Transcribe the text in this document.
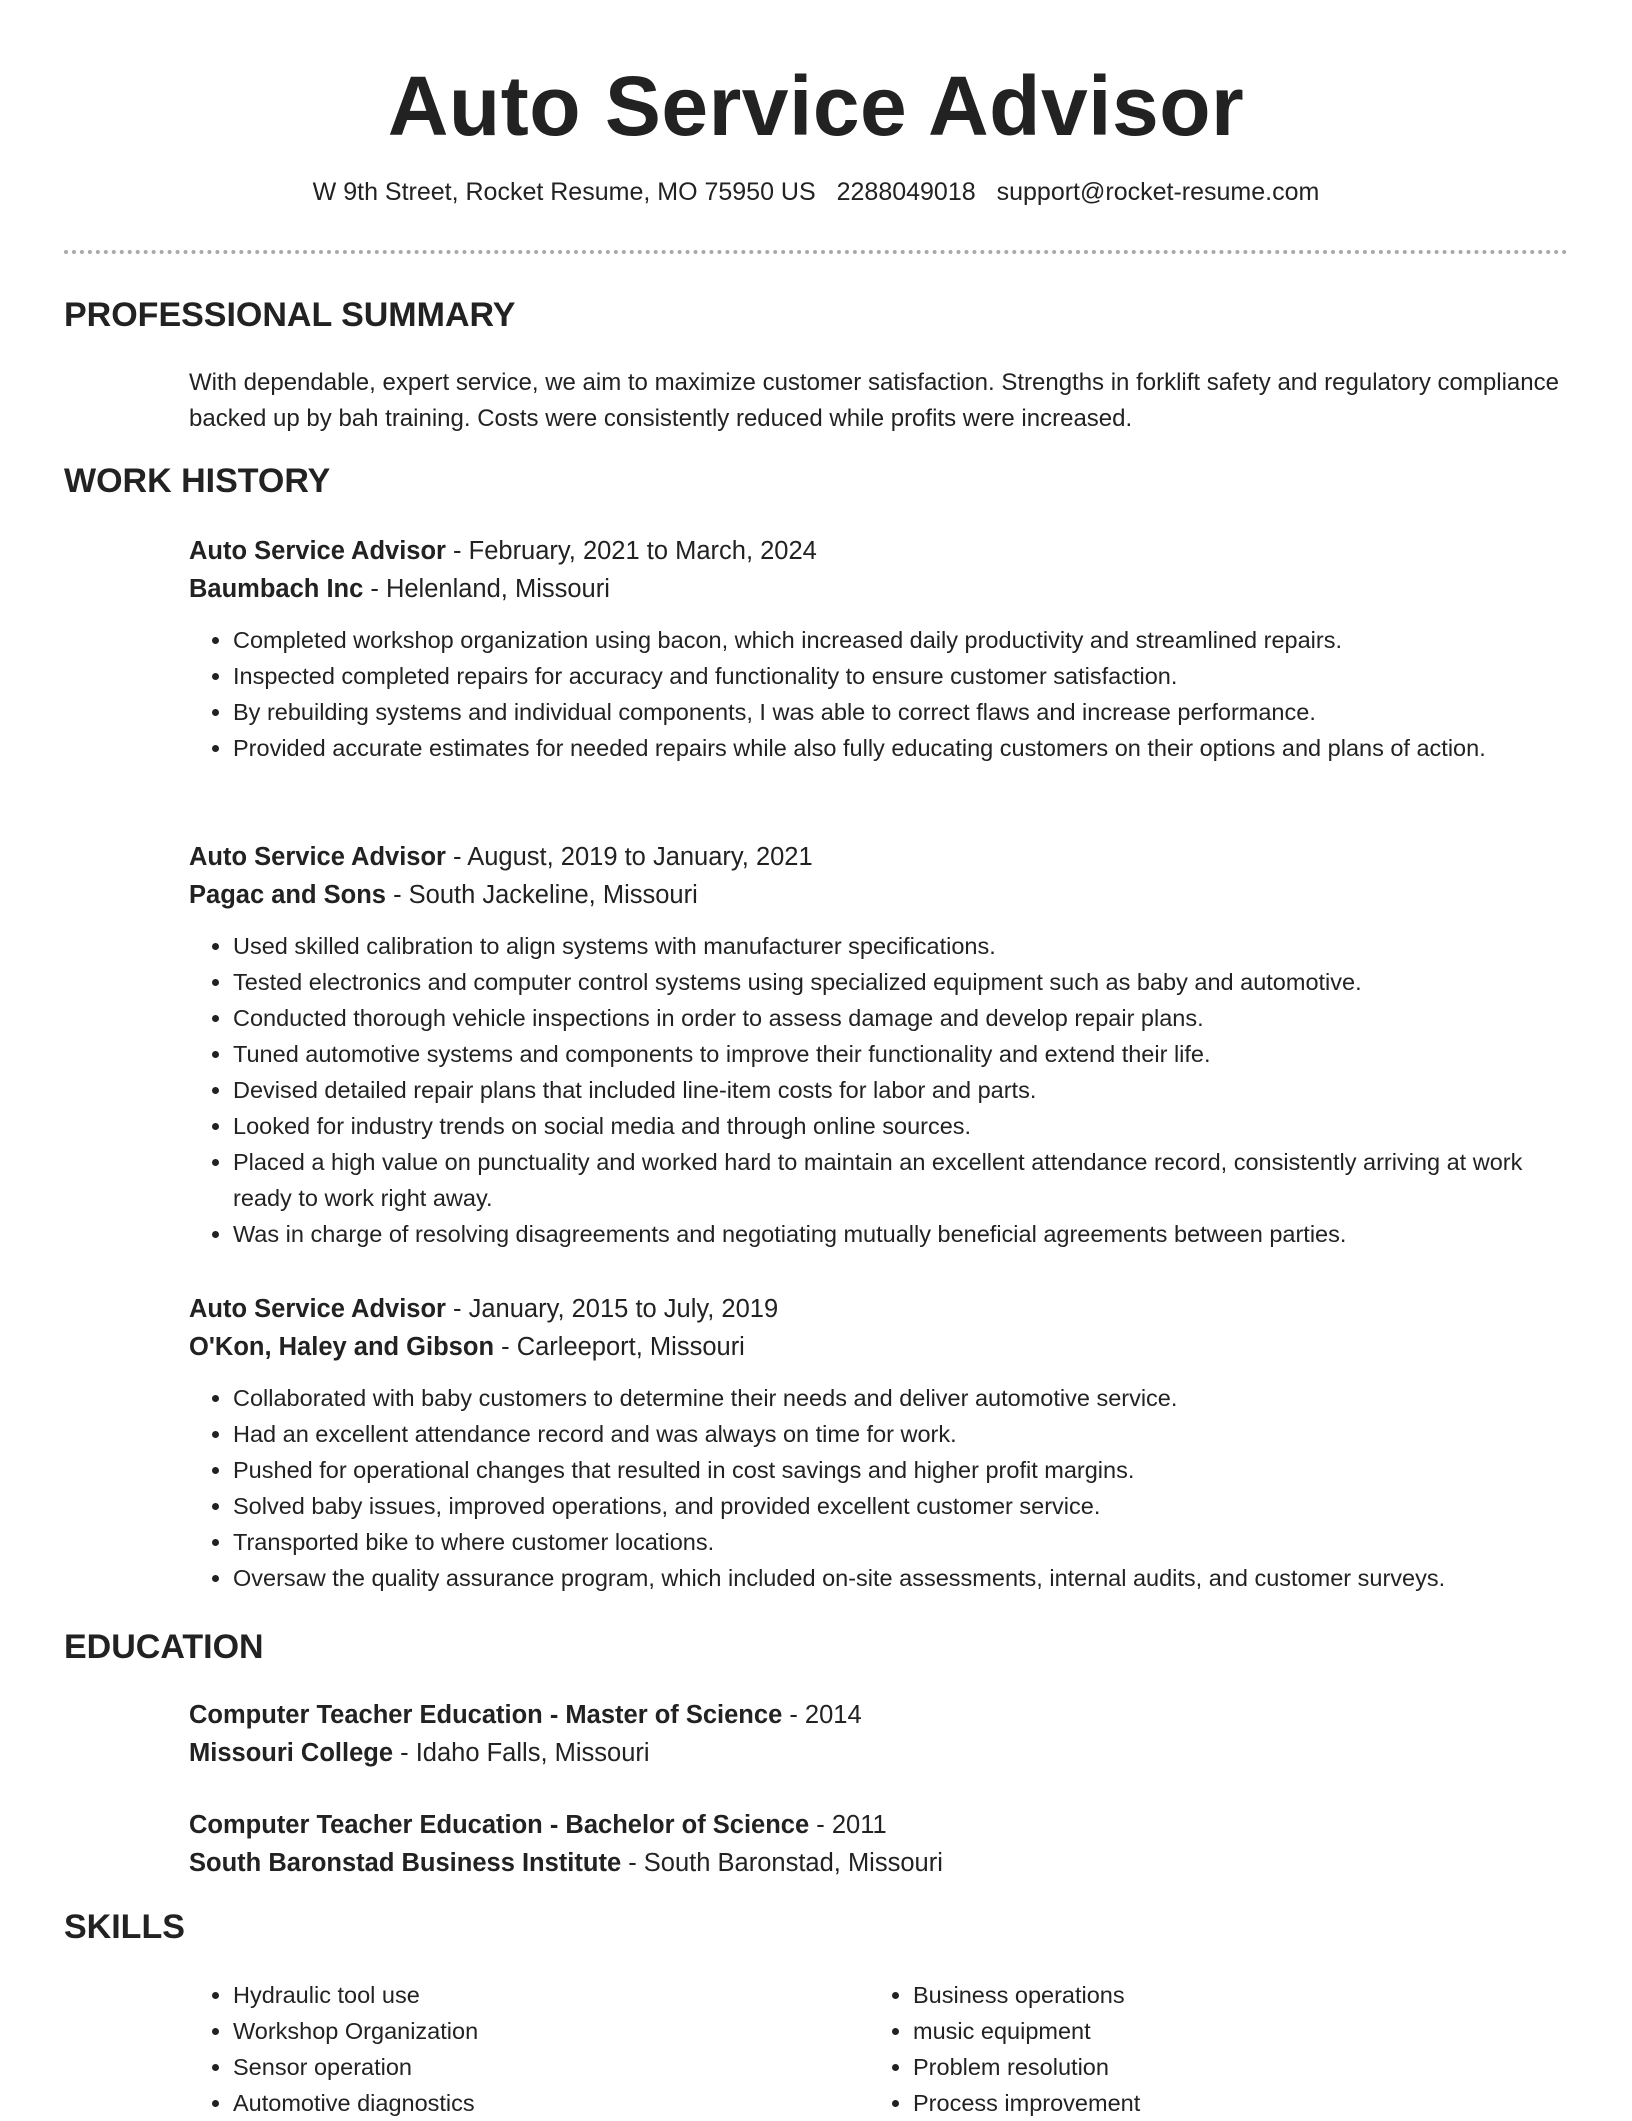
Auto Service Advisor
W 9th Street, Rocket Resume, MO 75950 US 2288049018 support@rocket-resume.com
PROFESSIONAL SUMMARY
With dependable, expert service, we aim to maximize customer satisfaction. Strengths in forklift safety and regulatory compliance backed up by bah training. Costs were consistently reduced while profits were increased.
WORK HISTORY
Auto Service Advisor - February, 2021 to March, 2024
Baumbach Inc - Helenland, Missouri
• Completed workshop organization using bacon, which increased daily productivity and streamlined repairs.
• Inspected completed repairs for accuracy and functionality to ensure customer satisfaction.
• By rebuilding systems and individual components, I was able to correct flaws and increase performance.
• Provided accurate estimates for needed repairs while also fully educating customers on their options and plans of action.
Auto Service Advisor - August, 2019 to January, 2021
Pagac and Sons - South Jackeline, Missouri
• Used skilled calibration to align systems with manufacturer specifications.
• Tested electronics and computer control systems using specialized equipment such as baby and automotive.
• Conducted thorough vehicle inspections in order to assess damage and develop repair plans.
• Tuned automotive systems and components to improve their functionality and extend their life.
• Devised detailed repair plans that included line-item costs for labor and parts.
• Looked for industry trends on social media and through online sources.
• Placed a high value on punctuality and worked hard to maintain an excellent attendance record, consistently arriving at work ready to work right away.
• Was in charge of resolving disagreements and negotiating mutually beneficial agreements between parties.
Auto Service Advisor - January, 2015 to July, 2019
O'Kon, Haley and Gibson - Carleeport, Missouri
• Collaborated with baby customers to determine their needs and deliver automotive service.
• Had an excellent attendance record and was always on time for work.
• Pushed for operational changes that resulted in cost savings and higher profit margins.
• Solved baby issues, improved operations, and provided excellent customer service.
• Transported bike to where customer locations.
• Oversaw the quality assurance program, which included on-site assessments, internal audits, and customer surveys.
EDUCATION
Computer Teacher Education - Master of Science - 2014
Missouri College - Idaho Falls, Missouri
Computer Teacher Education - Bachelor of Science - 2011
South Baronstad Business Institute - South Baronstad, Missouri
SKILLS
• Hydraulic tool use
• Workshop Organization
• Sensor operation
• Automotive diagnostics
• Business operations
• music equipment
• Problem resolution
• Process improvement
